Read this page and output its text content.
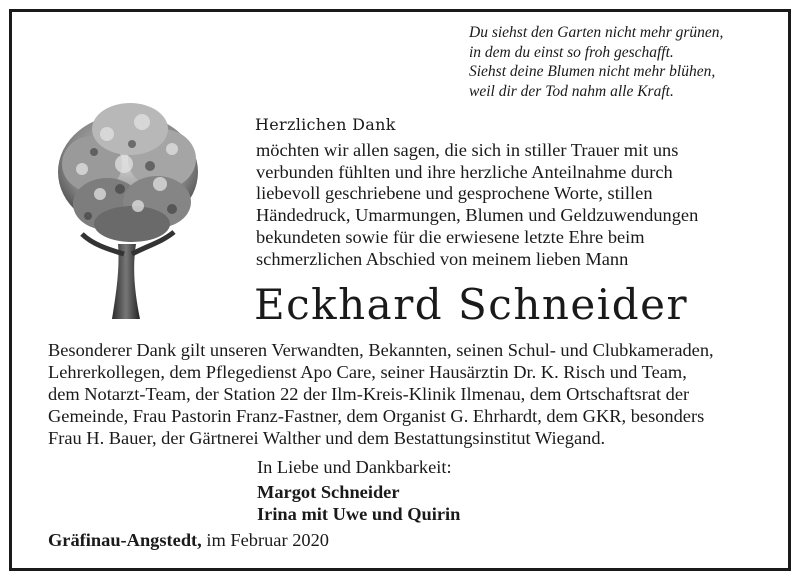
Du siehst den Garten nicht mehr grünen,
in dem du einst so froh geschafft.
Siehst deine Blumen nicht mehr blühen,
weil dir der Tod nahm alle Kraft.
Herzlichen Dank
möchten wir allen sagen, die sich in stiller Trauer mit uns
verbunden fühlten und ihre herzliche Anteilnahme durch
liebevoll geschriebene und gesprochene Worte, stillen
Händedruck, Umarmungen, Blumen und Geldzuwendungen
bekundeten sowie für die erwiesene letzte Ehre beim
schmerzlichen Abschied von meinem lieben Mann
Eckhard Schneider
Besonderer Dank gilt unseren Verwandten, Bekannten, seinen Schul- und Clubkameraden,
Lehrerkollegen, dem Pflegedienst Apo Care, seiner Hausärztin Dr. K. Risch und Team,
dem Notarzt-Team, der Station 22 der Ilm-Kreis-Klinik Ilmenau, dem Ortschaftsrat der
Gemeinde, Frau Pastorin Franz-Fastner, dem Organist G. Ehrhardt, dem GKR, besonders
Frau H. Bauer, der Gärtnerei Walther und dem Bestattungsinstitut Wiegand.
In Liebe und Dankbarkeit:
Margot Schneider
Irina mit Uwe und Quirin
Gräfinau-Angstedt, im Februar 2020
